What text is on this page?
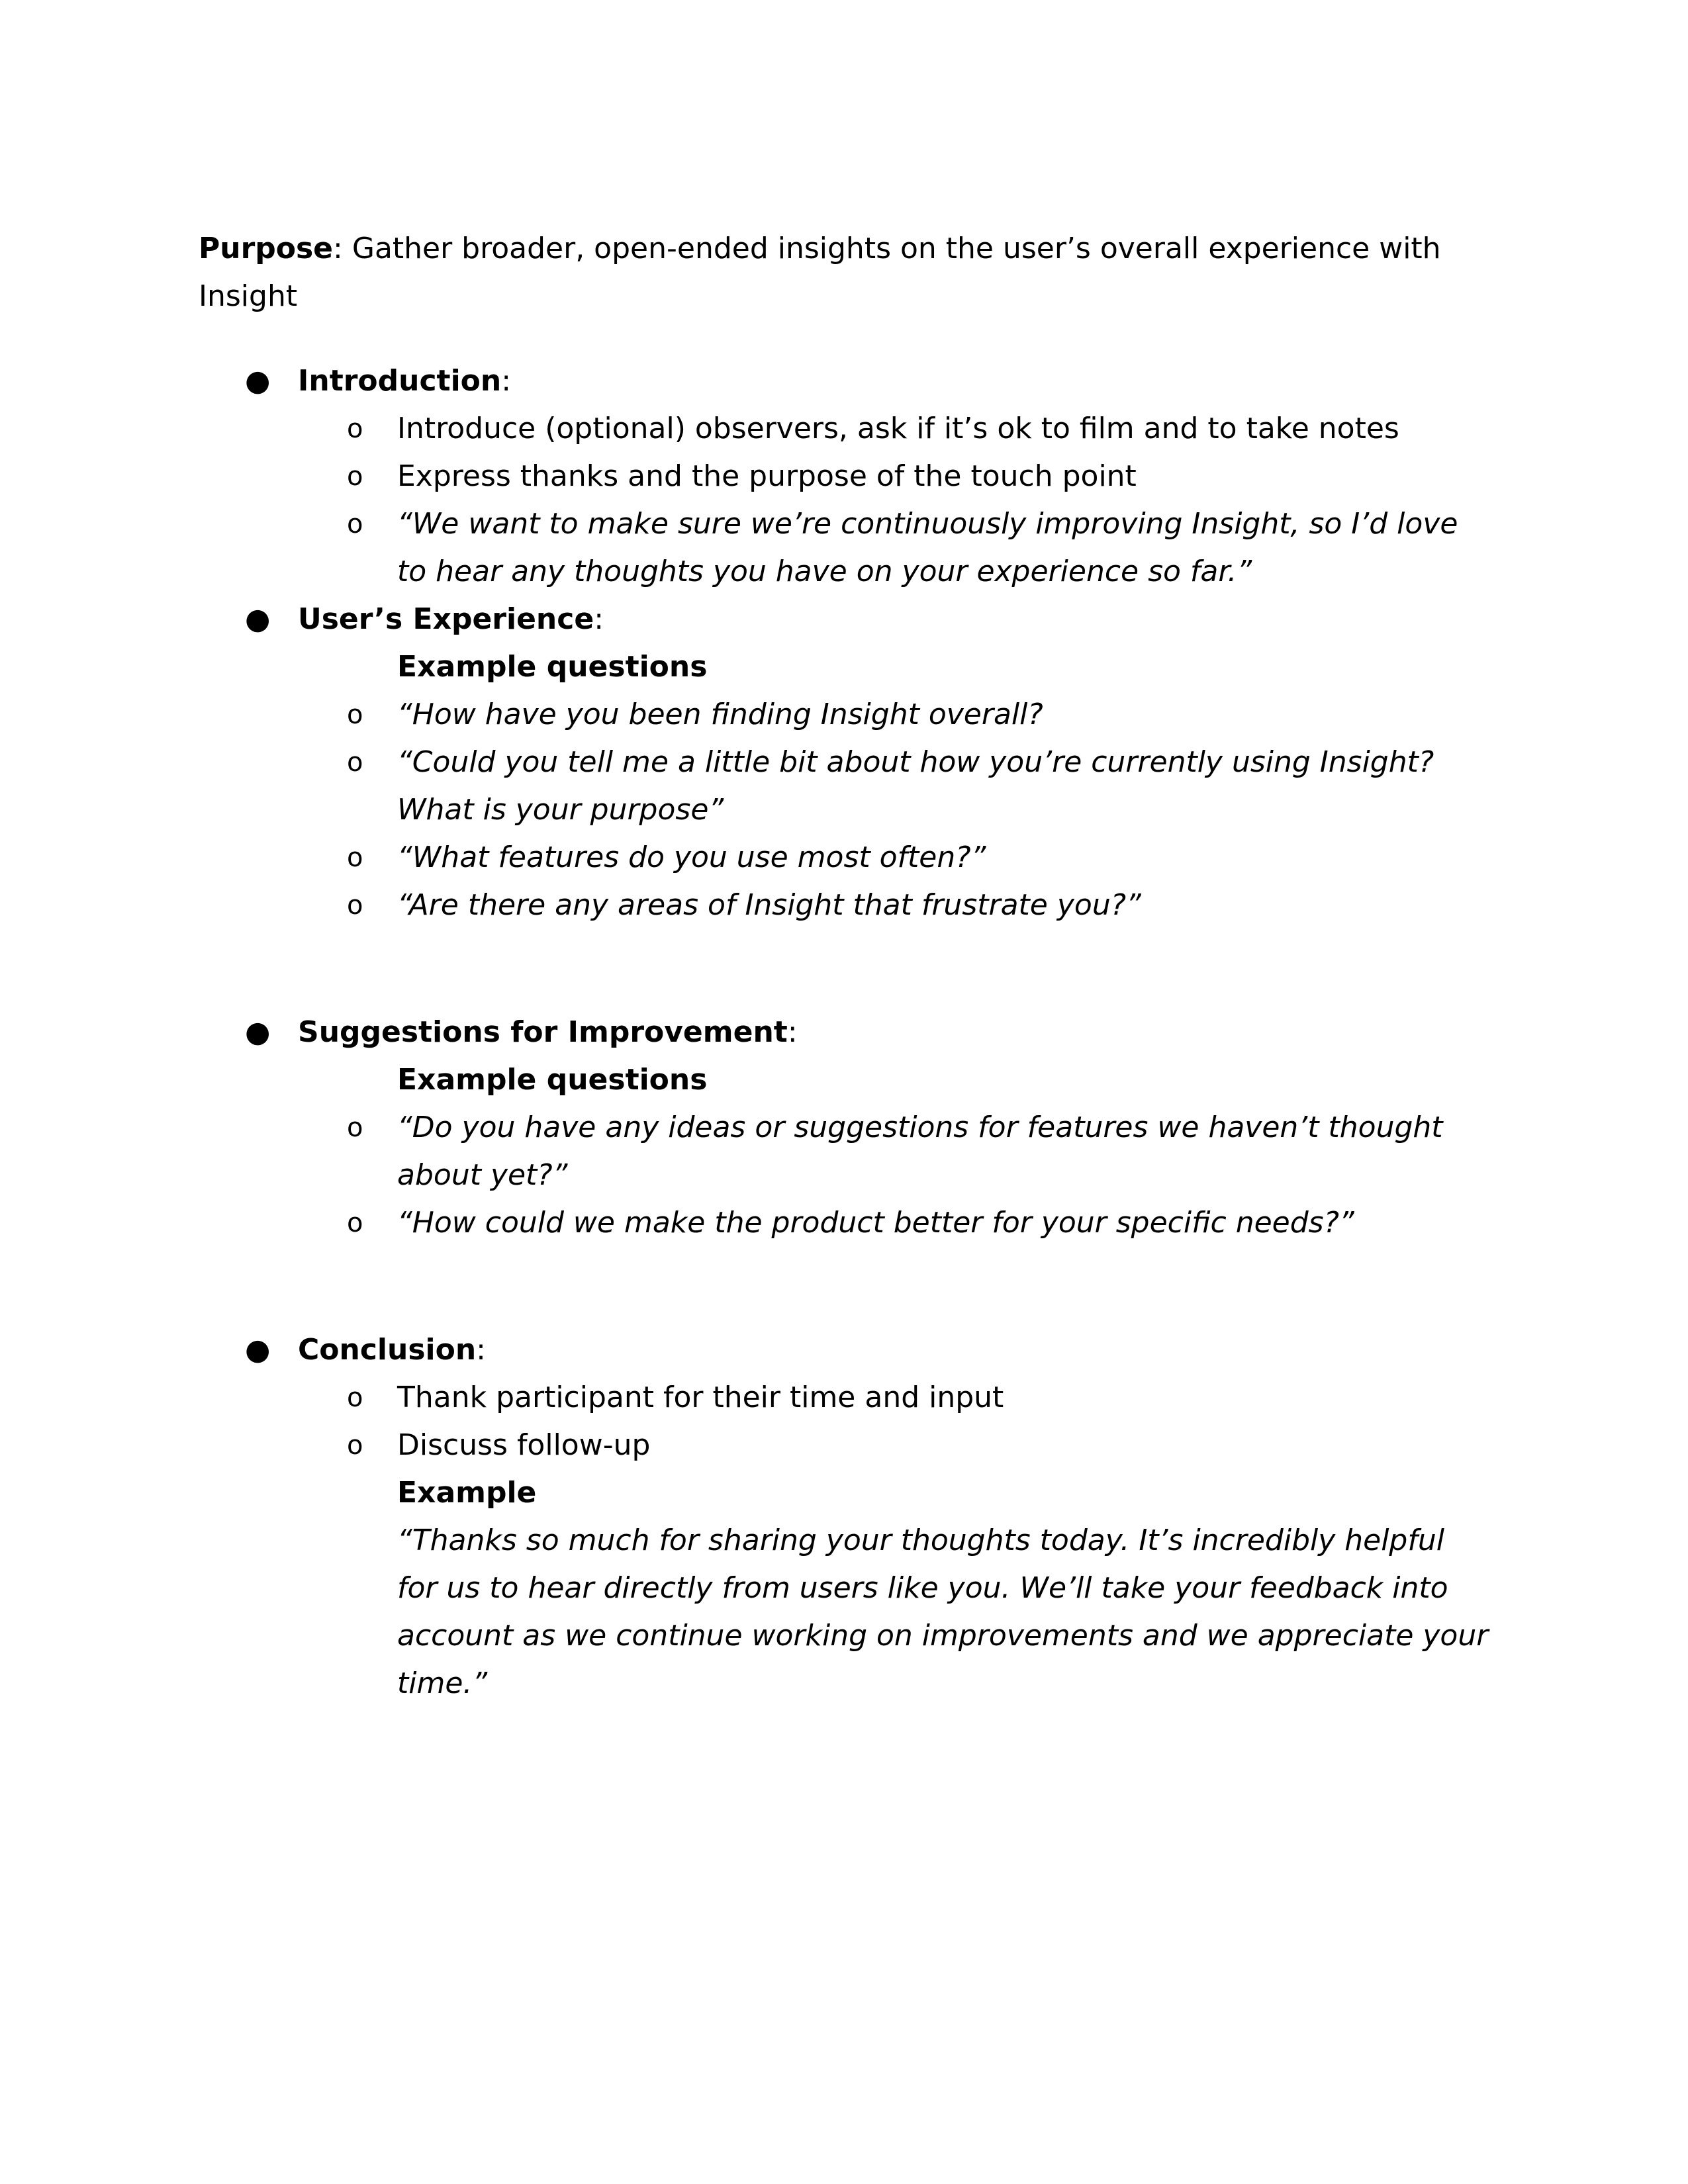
Purpose: Gather broader, open-ended insights on the user’s overall experience with Insight
● Introduction:
o Introduce (optional) observers, ask if it’s ok to film and to take notes
o Express thanks and the purpose of the touch point
o “We want to make sure we’re continuously improving Insight, so I’d love to hear any thoughts you have on your experience so far.”
● User’s Experience:
Example questions
o “How have you been finding Insight overall?
o “Could you tell me a little bit about how you’re currently using Insight? What is your purpose”
o “What features do you use most often?”
o “Are there any areas of Insight that frustrate you?”
● Suggestions for Improvement:
Example questions
o “Do you have any ideas or suggestions for features we haven’t thought about yet?”
o “How could we make the product better for your specific needs?”
● Conclusion:
o Thank participant for their time and input
o Discuss follow-up
Example
“Thanks so much for sharing your thoughts today. It’s incredibly helpful for us to hear directly from users like you. We’ll take your feedback into account as we continue working on improvements and we appreciate your time.”
